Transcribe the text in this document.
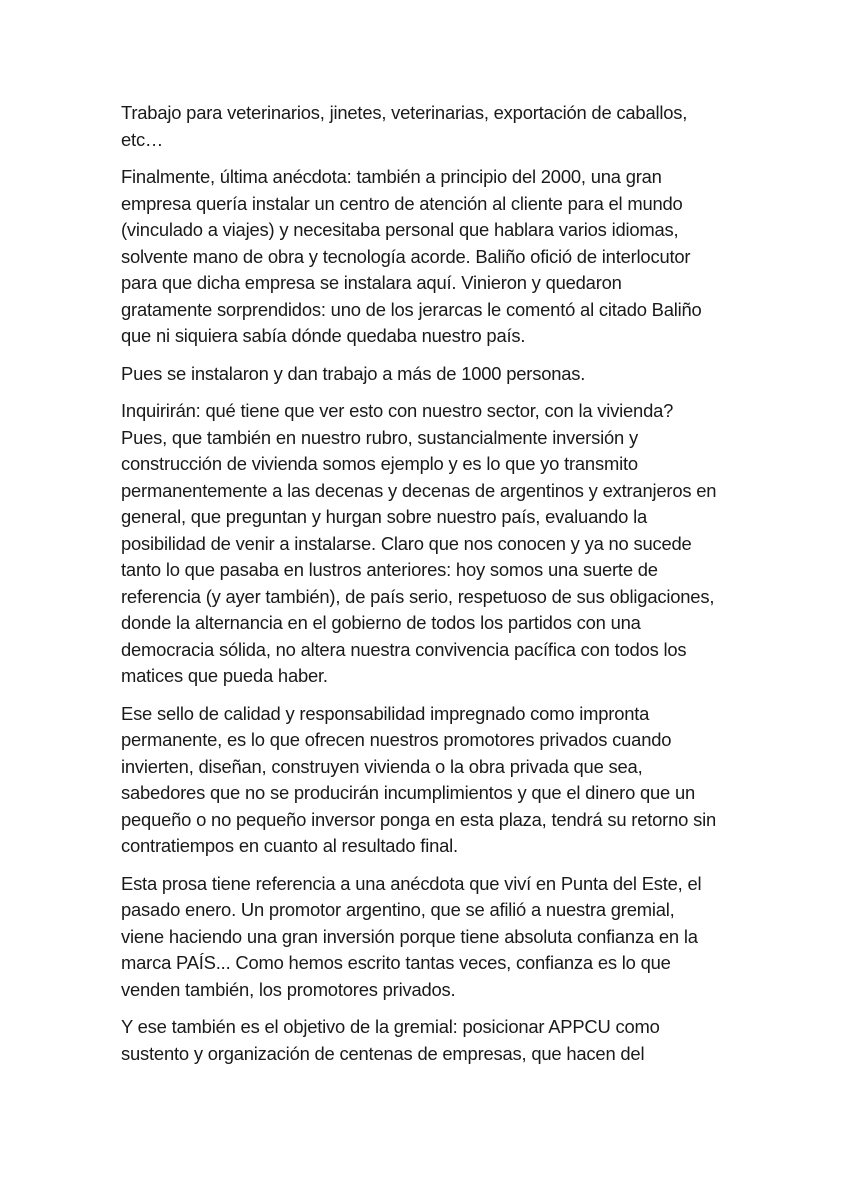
Trabajo para veterinarios, jinetes, veterinarias, exportación de caballos,
etc…

Finalmente, última anécdota: también a principio del 2000, una gran
empresa quería instalar un centro de atención al cliente para el mundo
(vinculado a viajes) y necesitaba personal que hablara varios idiomas,
solvente mano de obra y tecnología acorde. Baliño ofició de interlocutor
para que dicha empresa se instalara aquí. Vinieron y quedaron
gratamente sorprendidos: uno de los jerarcas le comentó al citado Baliño
que ni siquiera sabía dónde quedaba nuestro país.

Pues se instalaron y dan trabajo a más de 1000 personas.

Inquirirán: qué tiene que ver esto con nuestro sector, con la vivienda?
Pues, que también en nuestro rubro, sustancialmente inversión y
construcción de vivienda somos ejemplo y es lo que yo transmito
permanentemente a las decenas y decenas de argentinos y extranjeros en
general, que preguntan y hurgan sobre nuestro país, evaluando la
posibilidad de venir a instalarse. Claro que nos conocen y ya no sucede
tanto lo que pasaba en lustros anteriores: hoy somos una suerte de
referencia (y ayer también), de país serio, respetuoso de sus obligaciones,
donde la alternancia en el gobierno de todos los partidos con una
democracia sólida, no altera nuestra convivencia pacífica con todos los
matices que pueda haber.

Ese sello de calidad y responsabilidad impregnado como impronta
permanente, es lo que ofrecen nuestros promotores privados cuando
invierten, diseñan, construyen vivienda o la obra privada que sea,
sabedores que no se producirán incumplimientos y que el dinero que un
pequeño o no pequeño inversor ponga en esta plaza, tendrá su retorno sin
contratiempos en cuanto al resultado final.

Esta prosa tiene referencia a una anécdota que viví en Punta del Este, el
pasado enero. Un promotor argentino, que se afilió a nuestra gremial,
viene haciendo una gran inversión porque tiene absoluta confianza en la
marca PAÍS... Como hemos escrito tantas veces, confianza es lo que
venden también, los promotores privados.

Y ese también es el objetivo de la gremial: posicionar APPCU como
sustento y organización de centenas de empresas, que hacen del
